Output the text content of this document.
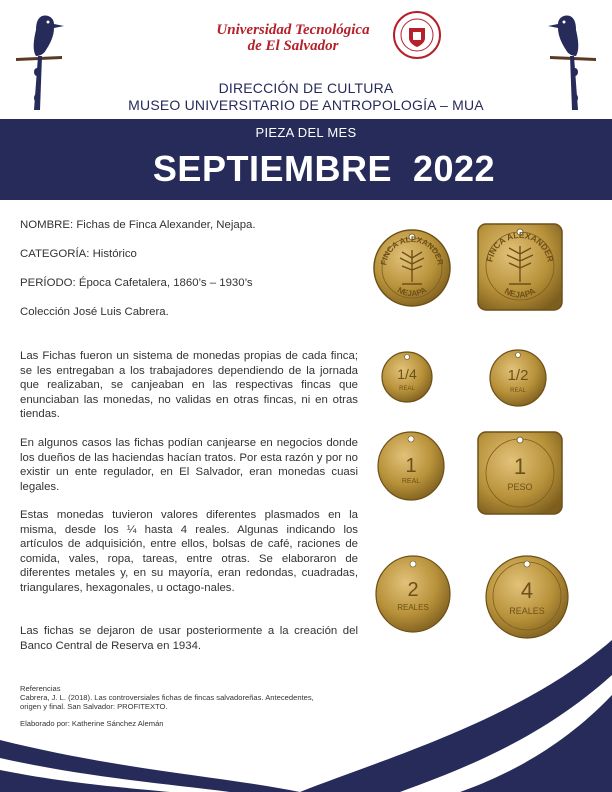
Universidad Tecnológica
de El Salvador
DIRECCIÓN DE CULTURA
MUSEO UNIVERSITARIO DE ANTROPOLOGÍA – MUA
PIEZA DEL MES
SEPTIEMBRE 2022
NOMBRE: Fichas de Finca Alexander, Nejapa.
CATEGORÍA: Histórico
PERÍODO: Época Cafetalera, 1860’s – 1930’s
Colección José Luis Cabrera.
Las Fichas fueron un sistema de monedas propias de cada finca; se les entregaban a los trabajadores dependiendo de la jornada que realizaban, se canjeaban en las respectivas fincas que enunciaban las monedas, no validas en otras fincas, ni en otras tiendas.
En algunos casos las fichas podían canjearse en negocios donde los dueños de las haciendas hacían tratos. Por esta razón y por no existir un ente regulador, en El Salvador, eran monedas cuasi legales.
Estas monedas tuvieron valores diferentes plasmados en la misma, desde los ¼ hasta 4 reales. Algunas indicando los artículos de adquisición, entre ellos, bolsas de café, raciones de comida, vales, ropa, tareas, entre otras. Se elaboraron de diferentes metales y, en su mayoría, eran redondas, cuadradas, triangulares, hexagonales, u octago-nales.
Las fichas se dejaron de usar posteriormente a la creación del Banco Central de Reserva en 1934.
Referencias
Cabrera, J. L. (2018). Las controversiales fichas de fincas salvadoreñas. Antecedentes,
origen y final. San Salvador: PROFITEXTO.
Elaborado por: Katherine Sánchez Alemán
FINCA ALEXANDER
NEJAPA
FINCA ALEXANDER
NEJAPA
1/4
REAL
1/2
REAL
1
REAL
1
PESO
2
REALES
4
REALES
